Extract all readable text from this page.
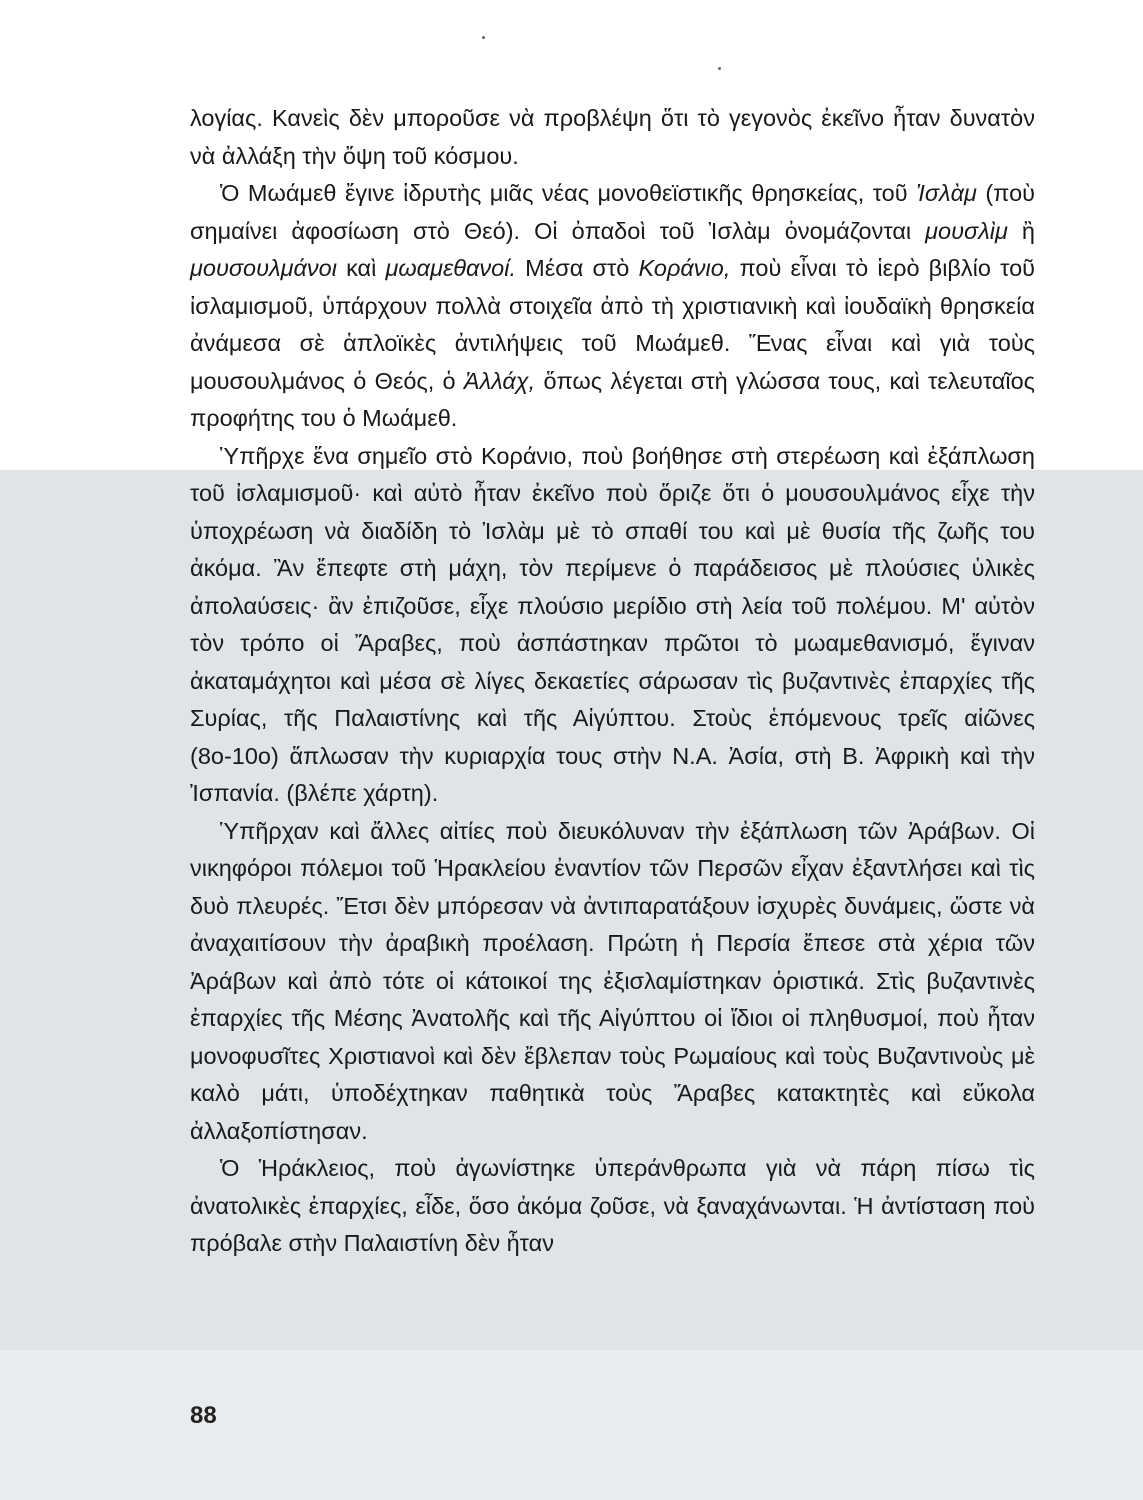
λογίας. Κανεὶς δὲν μποροῦσε νὰ προβλέψη ὅτι τὸ γεγονὸς ἐκεῖνο ἦταν δυνατὸν νὰ ἀλλάξη τὴν ὄψη τοῦ κόσμου.

Ὁ Μωάμεθ ἔγινε ἱδρυτὴς μιᾶς νέας μονοθεϊστικῆς θρησκείας, τοῦ Ἰσλὰμ (ποὺ σημαίνει ἀφοσίωση στὸ Θεό). Οἱ ὀπαδοὶ τοῦ Ἰσλὰμ ὀνομάζονται μουσλὶμ ἢ μουσουλμάνοι καὶ μωαμεθανοί. Μέσα στὸ Κοράνιο, ποὺ εἶναι τὸ ἱερὸ βιβλίο τοῦ ἰσλαμισμοῦ, ὑπάρχουν πολλὰ στοιχεῖα ἀπὸ τὴ χριστιανικὴ καὶ ἰουδαϊκὴ θρησκεία ἀνάμεσα σὲ ἁπλοϊκὲς ἀντιλήψεις τοῦ Μωάμεθ. Ἕνας εἶναι καὶ γιὰ τοὺς μουσουλμάνος ὁ Θεός, ὁ Ἀλλάχ, ὅπως λέγεται στὴ γλώσσα τους, καὶ τελευταῖος προφήτης του ὁ Μωάμεθ.

Ὑπῆρχε ἕνα σημεῖο στὸ Κοράνιο, ποὺ βοήθησε στὴ στερέωση καὶ ἐξάπλωση τοῦ ἰσλαμισμοῦ· καὶ αὐτὸ ἦταν ἐκεῖνο ποὺ ὅριζε ὅτι ὁ μουσουλμάνος εἶχε τὴν ὑποχρέωση νὰ διαδίδη τὸ Ἰσλὰμ μὲ τὸ σπαθί του καὶ μὲ θυσία τῆς ζωῆς του ἀκόμα. Ἂν ἔπεφτε στὴ μάχη, τὸν περίμενε ὁ παράδεισος μὲ πλούσιες ὑλικὲς ἀπολαύσεις· ἂν ἐπιζοῦσε, εἶχε πλούσιο μερίδιο στὴ λεία τοῦ πολέμου. Μ' αὐτὸν τὸν τρόπο οἱ Ἄραβες, ποὺ ἀσπάστηκαν πρῶτοι τὸ μωαμεθανισμό, ἔγιναν ἀκαταμάχητοι καὶ μέσα σὲ λίγες δεκαετίες σάρωσαν τὶς βυζαντινὲς ἐπαρχίες τῆς Συρίας, τῆς Παλαιστίνης καὶ τῆς Αἰγύπτου. Στοὺς ἑπόμενους τρεῖς αἰῶνες (8ο-10ο) ἅπλωσαν τὴν κυριαρχία τους στὴν Ν.Α. Ἀσία, στὴ Β. Ἀφρικὴ καὶ τὴν Ἰσπανία. (βλέπε χάρτη).

Ὑπῆρχαν καὶ ἄλλες αἰτίες ποὺ διευκόλυναν τὴν ἐξάπλωση τῶν Ἀράβων. Οἱ νικηφόροι πόλεμοι τοῦ Ἡρακλείου ἐναντίον τῶν Περσῶν εἶχαν ἐξαντλήσει καὶ τὶς δυὸ πλευρές. Ἔτσι δὲν μπόρεσαν νὰ ἀντιπαρατάξουν ἰσχυρὲς δυνάμεις, ὥστε νὰ ἀναχαιτίσουν τὴν ἀραβικὴ προέλαση. Πρώτη ἡ Περσία ἔπεσε στὰ χέρια τῶν Ἀράβων καὶ ἀπὸ τότε οἱ κάτοικοί της ἐξισλαμίστηκαν ὁριστικά. Στὶς βυζαντινὲς ἐπαρχίες τῆς Μέσης Ἀνατολῆς καὶ τῆς Αἰγύπτου οἱ ἴδιοι οἱ πληθυσμοί, ποὺ ἦταν μονοφυσῖτες Χριστιανοὶ καὶ δὲν ἔβλεπαν τοὺς Ρωμαίους καὶ τοὺς Βυζαντινοὺς μὲ καλὸ μάτι, ὑποδέχτηκαν παθητικὰ τοὺς Ἄραβες κατακτητὲς καὶ εὔκολα ἀλλαξοπίστησαν.

Ὁ Ἡράκλειος, ποὺ ἀγωνίστηκε ὑπεράνθρωπα γιὰ νὰ πάρη πίσω τὶς ἀνατολικὲς ἐπαρχίες, εἶδε, ὅσο ἀκόμα ζοῦσε, νὰ ξαναχάνωνται. Ἡ ἀντίσταση ποὺ πρόβαλε στὴν Παλαιστίνη δὲν ἦταν

88
